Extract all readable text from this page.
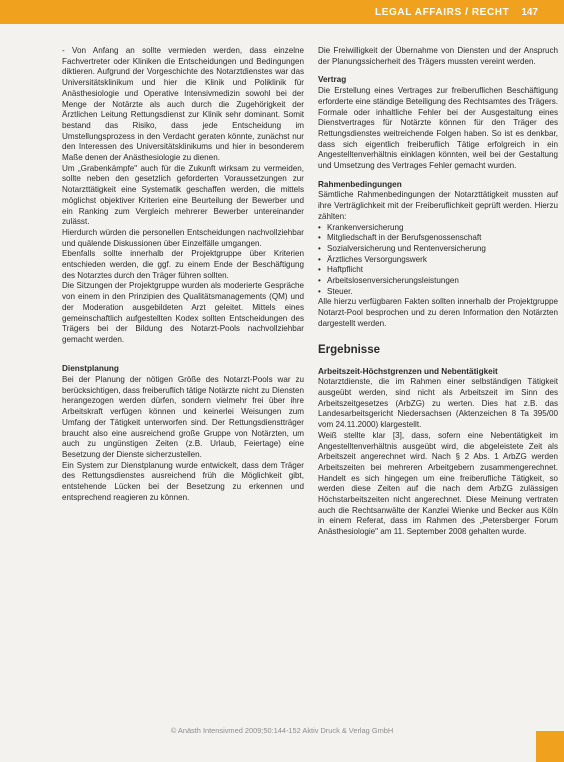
LEGAL AFFAIRS / RECHT 147

- Von Anfang an sollte vermieden werden, dass einzelne Fachvertreter oder Kliniken die Entscheidungen und Bedingungen diktieren. Aufgrund der Vorgeschichte des Notarztdienstes war das Universitätsklinikum und hier die Klinik und Poliklinik für Anästhesiologie und Operative Intensivmedizin sowohl bei der Menge der Notärzte als auch durch die Zugehörigkeit der Ärztlichen Leitung Rettungsdienst zur Klinik sehr dominant. Somit bestand das Risiko, dass jede Entscheidung im Umstellungsprozess in den Verdacht geraten könnte, zunächst nur den Interessen des Universitätsklinikums und hier in besonderem Maße denen der Anästhesiologie zu dienen.

Um „Grabenkämpfe" auch für die Zukunft wirksam zu vermeiden, sollte neben den gesetzlich geforderten Voraussetzungen zur Notarzttätigkeit eine Systematik geschaffen werden, die mittels möglichst objektiver Kriterien eine Beurteilung der Bewerber und ein Ranking zum Vergleich mehrerer Bewerber untereinander zulässt.

Hierdurch würden die personellen Entscheidungen nachvollziehbar und quälende Diskussionen über Einzelfälle umgangen.

Ebenfalls sollte innerhalb der Projektgruppe über Kriterien entschieden werden, die ggf. zu einem Ende der Beschäftigung des Notarztes durch den Träger führen sollten.

Die Sitzungen der Projektgruppe wurden als moderierte Gespräche von einem in den Prinzipien des Qualitätsmanagements (QM) und der Moderation ausgebildeten Arzt geleitet. Mittels eines gemeinschaftlich aufgestellten Kodex sollten Entscheidungen des Trägers bei der Bildung des Notarzt-Pools nachvollziehbar gemacht werden.

Dienstplanung

Bei der Planung der nötigen Größe des Notarzt-Pools war zu berücksichtigen, dass freiberuflich tätige Notärzte nicht zu Diensten herangezogen werden dürfen, sondern vielmehr frei über ihre Arbeitskraft verfügen können und keinerlei Weisungen zum Umfang der Tätigkeit unterworfen sind. Der Rettungsdienstträger braucht also eine ausreichend große Gruppe von Notärzten, um auch zu ungünstigen Zeiten (z.B. Urlaub, Feiertage) eine Besetzung der Dienste sicherzustellen.

Ein System zur Dienstplanung wurde entwickelt, dass dem Träger des Rettungsdienstes ausreichend früh die Möglichkeit gibt, entstehende Lücken bei der Besetzung zu erkennen und entsprechend reagieren zu können.

Die Freiwilligkeit der Übernahme von Diensten und der Anspruch der Planungssicherheit des Trägers mussten vereint werden.

Vertrag

Die Erstellung eines Vertrages zur freiberuflichen Beschäftigung erforderte eine ständige Beteiligung des Rechtsamtes des Trägers. Formale oder inhaltliche Fehler bei der Ausgestaltung eines Dienstvertrages für Notärzte können für den Träger des Rettungsdienstes weitreichende Folgen haben. So ist es denkbar, dass sich eigentlich freiberuflich Tätige erfolgreich in ein Angestelltenverhältnis einklagen könnten, weil bei der Gestaltung und Umsetzung des Vertrages Fehler gemacht wurden.

Rahmenbedingungen

Sämtliche Rahmenbedingungen der Notarzttätigkeit mussten auf ihre Verträglichkeit mit der Freiberuflichkeit geprüft werden. Hierzu zählten:

• Krankenversicherung
• Mitgliedschaft in der Berufsgenossenschaft
• Sozialversicherung und Rentenversicherung
• Ärztliches Versorgungswerk
• Haftpflicht
• Arbeitslosenversicherungsleistungen
• Steuer.

Alle hierzu verfügbaren Fakten sollten innerhalb der Projektgruppe Notarzt-Pool besprochen und zu deren Information den Notärzten dargestellt werden.

Ergebnisse
Arbeitszeit-Höchstgrenzen und Nebentätigkeit

Notarztdienste, die im Rahmen einer selbständigen Tätigkeit ausgeübt werden, sind nicht als Arbeitszeit im Sinn des Arbeitszeitgesetzes (ArbZG) zu werten. Dies hat z.B. das Landesarbeitsgericht Niedersachsen (Aktenzeichen 8 Ta 395/00 vom 24.11.2000) klargestellt.

Weiß stellte klar [3], dass, sofern eine Nebentätigkeit im Angestelltenverhältnis ausgeübt wird, die abgeleistete Zeit als Arbeitszeit angerechnet wird. Nach § 2 Abs. 1 ArbZG werden Arbeitszeiten bei mehreren Arbeitgebern zusammengerechnet. Handelt es sich hingegen um eine freiberufliche Tätigkeit, so werden diese Zeiten auf die nach dem ArbZG zulässigen Höchstarbeitszeiten nicht angerechnet. Diese Meinung vertraten auch die Rechtsanwälte der Kanzlei Wienke und Becker aus Köln in einem Referat, dass im Rahmen des „Petersberger Forum Anästhesiologie" am 11. September 2008 gehalten wurde.

© Anästh Intensivmed 2009;50:144-152 Aktiv Druck & Verlag GmbH
